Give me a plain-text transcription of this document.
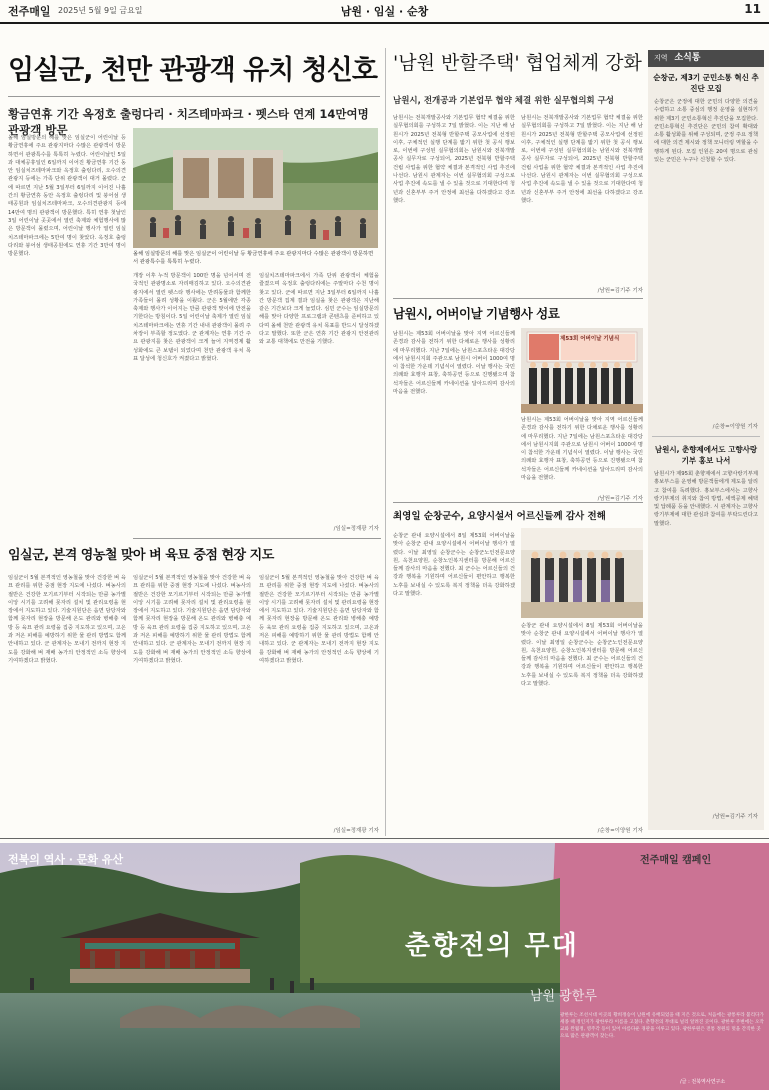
전주매일 2025년 5월 9일 금요일	남원 · 임실 · 순창	11
임실군, 천만 관광객 유치 청신호
황금연휴 기간 옥정호 출렁다리 · 치즈테마파크 · 펫스타 연계 14만여명 관광객 방문
올해 임실방문의 해를 맞은 임실군이 어린이날 등 황금연휴에 주요 관광지마다 수많은 관광객이 방문하면서 관광특수를 톡톡히 누렸다. 어린이날인 5일과 대체공휴일인 6일까지 이어진 황금연휴 기간 동안 임실치즈테마파크와 옥정호 출렁다리, 오수의견관광지 등에는 가족 단위 관광객이 대거 몰렸다. 군에 따르면 지난 5월 3일부터 6일까지 이어진 나흘간의 황금연휴 동안 옥정호 출렁다리 및 붕어섬 생태공원과 임실치즈테마파크, 오수의견관광지 등에 14만여 명의 관광객이 방문했다. 특히 연휴 첫날인 3일 어린이날 곳곳에서 열린 축제와 체험행사에 많은 방문객이 몰렸으며, 어린이날 행사가 열린 임실치즈테마파크에는 5만여 명이 찾았다. 옥정호 출렁다리와 붕어섬 생태공원에도 연휴 기간 3만여 명이 방문했다.	올해 임실방문의 해를 맞은 임실군이 어린이날 등 황금연휴에 주요 관광지마다 수많은 관광객이 방문하면서 관광특수를 톡톡히 누렸다.
개장 이후 누적 방문객이 100만 명을 넘어서며 전국적인 관광명소로 자리매김하고 있다. 오수의견관광지에서 열린 펫스타 행사에는 반려동물과 함께한 가족들이 몰려 성황을 이뤘다. 군은 5월에만 각종 축제와 행사가 이어지는 만큼 관광객 맞이에 만전을 기한다는 방침이다. 5일 어린이날 축제가 열린 임실치즈테마파크에는 연휴 기간 내내 관광객이 몰려 주차장이 부족할 정도였다. 군 관계자는 연휴 기간 주요 관광지를 찾은 관광객이 크게 늘어 지역경제 활성화에도 큰 보탬이 되었다며 천만 관광객 유치 목표 달성에 청신호가 켜졌다고 밝혔다.
임실치즈테마파크에서 가족 단위 관광객이 체험을 즐겼으며 옥정호 출렁다리에는 주말마다 수천 명이 찾고 있다. 군에 따르면 지난 3일부터 6일까지 나흘간 방문객 집계 결과 임실을 찾은 관광객은 지난해 같은 기간보다 크게 늘었다. 심민 군수는 임실방문의 해를 맞아 다양한 프로그램과 콘텐츠를 준비하고 있다며 올해 천만 관광객 유치 목표를 반드시 달성하겠다고 말했다. 또한 군은 연휴 기간 관광지 안전관리와 교통 대책에도 만전을 기했다.
/임실=정재광 기자
임실군, 본격 영농철 맞아 벼 육묘 중점 현장 지도
임실군이 5월 본격적인 영농철을 맞아 건강한 벼 육묘 관리를 위한 중점 현장 지도에 나섰다. 벼농사의 절반은 건강한 모기르기부터 시작되는 만큼 농가별 이앙 시기를 고려해 못자리 설치 및 관리요령을 현장에서 지도하고 있다. 기술지원단은 읍면 담당자와 함께 못자리 현장을 방문해 온도 관리와 병해충 예방 등 육묘 관리 요령을 집중 지도하고 있으며, 고온과 저온 피해를 예방하기 위한 물 관리 방법도 함께 안내하고 있다. 군 관계자는 모내기 전까지 현장 지도를 강화해 벼 재배 농가의 안정적인 소득 향상에 기여하겠다고 밝혔다.
임실군이 5월 본격적인 영농철을 맞아 건강한 벼 육묘 관리를 위한 중점 현장 지도에 나섰다. 벼농사의 절반은 건강한 모기르기부터 시작되는 만큼 농가별 이앙 시기를 고려해 못자리 설치 및 관리요령을 현장에서 지도하고 있다. 기술지원단은 읍면 담당자와 함께 못자리 현장을 방문해 온도 관리와 병해충 예방 등 육묘 관리 요령을 집중 지도하고 있으며, 고온과 저온 피해를 예방하기 위한 물 관리 방법도 함께 안내하고 있다. 군 관계자는 모내기 전까지 현장 지도를 강화해 벼 재배 농가의 안정적인 소득 향상에 기여하겠다고 밝혔다.
임실군이 5월 본격적인 영농철을 맞아 건강한 벼 육묘 관리를 위한 중점 현장 지도에 나섰다. 벼농사의 절반은 건강한 모기르기부터 시작되는 만큼 농가별 이앙 시기를 고려해 못자리 설치 및 관리요령을 현장에서 지도하고 있다. 기술지원단은 읍면 담당자와 함께 못자리 현장을 방문해 온도 관리와 병해충 예방 등 육묘 관리 요령을 집중 지도하고 있으며, 고온과 저온 피해를 예방하기 위한 물 관리 방법도 함께 안내하고 있다. 군 관계자는 모내기 전까지 현장 지도를 강화해 벼 재배 농가의 안정적인 소득 향상에 기여하겠다고 밝혔다.
/임실=정재광 기자
'남원 반할주택' 협업체계 강화
남원시, 전개공과 기본업무 협약 체결 위한 실무협의회 구성
남원시는 전북개발공사와 기본업무 협약 체결을 위한 실무협의회를 구성하고 7일 밝혔다. 이는 지난 해 남원시가 2025년 전북형 반할주택 공모사업에 선정된 이후, 구체적인 실행 단계를 밟기 위한 첫 공식 행보로, 이번에 구성된 실무협의회는 남원시와 전북개발공사 실무자로 구성되어, 2025년 전북형 반할주택 건립 사업을 위한 협약 체결과 본격적인 사업 추진에 나선다. 남원시 관계자는 이번 실무협의회 구성으로 사업 추진에 속도를 낼 수 있을 것으로 기대한다며 청년과 신혼부부 주거 안정에 최선을 다하겠다고 강조했다.
남원시는 전북개발공사와 기본업무 협약 체결을 위한 실무협의회를 구성하고 7일 밝혔다. 이는 지난 해 남원시가 2025년 전북형 반할주택 공모사업에 선정된 이후, 구체적인 실행 단계를 밟기 위한 첫 공식 행보로, 이번에 구성된 실무협의회는 남원시와 전북개발공사 실무자로 구성되어, 2025년 전북형 반할주택 건립 사업을 위한 협약 체결과 본격적인 사업 추진에 나선다. 남원시 관계자는 이번 실무협의회 구성으로 사업 추진에 속도를 낼 수 있을 것으로 기대한다며 청년과 신혼부부 주거 안정에 최선을 다하겠다고 강조했다.
/남원=김기주 기자
남원시, 어버이날 기념행사 성료
남원시는 제53회 어버이날을 맞아 지역 어르신들께 존경과 감사를 전하기 위한 다채로운 행사를 성황리에 마무리했다. 지난 7일에는 남원스포츠타운 대강당에서 남원시지회 주관으로 남원시 어버이 1000여 명이 참석한 가운데 기념식이 열렸다. 이날 행사는 국민의례와 효행자 표창, 축하공연 등으로 진행됐으며 참석자들은 어르신들께 카네이션을 달아드리며 감사의 마음을 전했다.
제53회 어버이날 기념식
남원시는 제53회 어버이날을 맞아 지역 어르신들께 존경과 감사를 전하기 위한 다채로운 행사를 성황리에 마무리했다. 지난 7일에는 남원스포츠타운 대강당에서 남원시지회 주관으로 남원시 어버이 1000여 명이 참석한 가운데 기념식이 열렸다. 이날 행사는 국민의례와 효행자 표창, 축하공연 등으로 진행됐으며 참석자들은 어르신들께 카네이션을 달아드리며 감사의 마음을 전했다.
/남원=김기주 기자
최영일 순창군수, 요양시설서 어르신들께 감사 전해
순창군 관내 요양시설에서 8일 제53회 어버이날을 맞아 순창군 관내 요양시설에서 어버이날 행사가 열렸다. 이날 최영일 순창군수는 순창군노인전문요양원, 옥천요양원, 순창노인복지센터를 방문해 어르신들께 감사의 마음을 전했다. 최 군수는 어르신들의 건강과 행복을 기원하며 어르신들이 편안하고 행복한 노후를 보내실 수 있도록 복지 정책을 더욱 강화하겠다고 말했다.
순창군 관내 요양시설에서 8일 제53회 어버이날을 맞아 순창군 관내 요양시설에서 어버이날 행사가 열렸다. 이날 최영일 순창군수는 순창군노인전문요양원, 옥천요양원, 순창노인복지센터를 방문해 어르신들께 감사의 마음을 전했다. 최 군수는 어르신들의 건강과 행복을 기원하며 어르신들이 편안하고 행복한 노후를 보내실 수 있도록 복지 정책을 더욱 강화하겠다고 말했다.
/순창=이양원 기자
지역 소식통
순창군, 제3기 군민소통 혁신 추진단 모집
순창군은 군정에 대한 군민의 다양한 의견을 수렴하고 소통 중심의 행정 운영을 실현하기 위한 제3기 군민소통혁신 추진단을 모집한다. 군민소통혁신 추진단은 군민의 참여 확대와 소통 활성화를 위해 구성되며, 군정 주요 정책에 대한 의견 제시와 정책 모니터링 역할을 수행하게 된다. 모집 인원은 20여 명으로 관심 있는 군민은 누구나 신청할 수 있다.
/순창=이양원 기자
남원시, 춘향제에서도 고향사랑기부 홍보 나서
남원시가 제95회 춘향제에서 고향사랑기부제 홍보부스를 운영해 방문객들에게 제도를 알리고 참여를 독려했다. 홍보부스에서는 고향사랑기부제의 취지와 참여 방법, 세액공제 혜택 및 답례품 등을 안내했다. 시 관계자는 고향사랑기부제에 대한 관심과 참여를 부탁드린다고 말했다.
/남원=김기주 기자
전주매일 캠페인
전북의 역사 · 문화 유산
춘향전의 무대
남원 광한루
광한루는 조선시대 이곳의 황희정승이 남원에 유배되었을 때 지은 것으로, 처음에는 광통루라 불리다가 세종 때 정인지가 광한루라 이름을 고쳤다. 춘향전의 무대로 널리 알려진 곳이다. 광한루 주변에는 오작교와 완월정, 영주각 등이 있어 아름다운 경관을 이루고 있다. 광한루원은 전통 정원의 멋을 간직한 곳으로 많은 관광객이 찾는다.
/글 : 전북역사연구소
